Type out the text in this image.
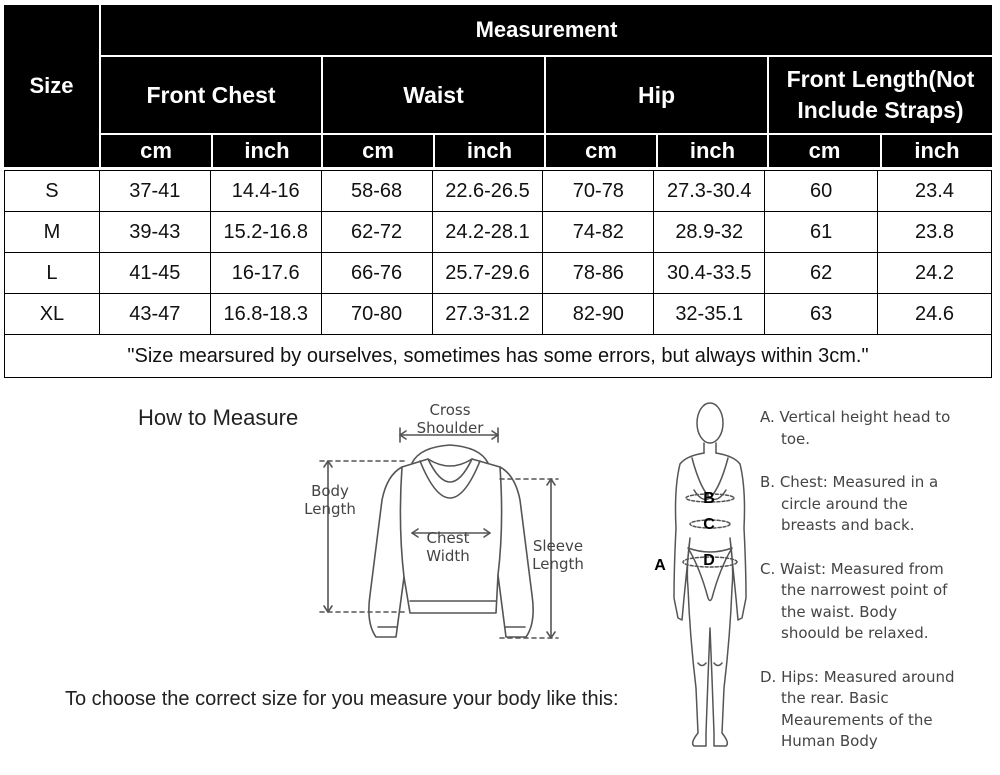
Size
Measurement
Front Chest	Waist	Hip
Front Length(Not Include Straps)
cm	inch	cm	inch	cm	inch	cm	inch
S	37-41	14.4-16	58-68	22.6-26.5	70-78	27.3-30.4	60	23.4
M	39-43	15.2-16.8	62-72	24.2-28.1	74-82	28.9-32	61	23.8
L	41-45	16-17.6	66-76	25.7-29.6	78-86	30.4-33.5	62	24.2
XL	43-47	16.8-18.3	70-80	27.3-31.2	82-90	32-35.1	63	24.6
"Size mearsured by ourselves, sometimes has some errors, but always within 3cm."								
How to Measure
To choose the correct size for you measure your body like this:
Cross Shoulder
Body Length
Chest Width
Sleeve Length	A
B
C
D
A. Vertical height head to toe.
B. Chest: Measured in a circle around the breasts and back.
C. Waist: Measured from the narrowest point of the waist. Body shoould be relaxed.
D. Hips: Measured around the rear. Basic Meaurements of the Human Body
